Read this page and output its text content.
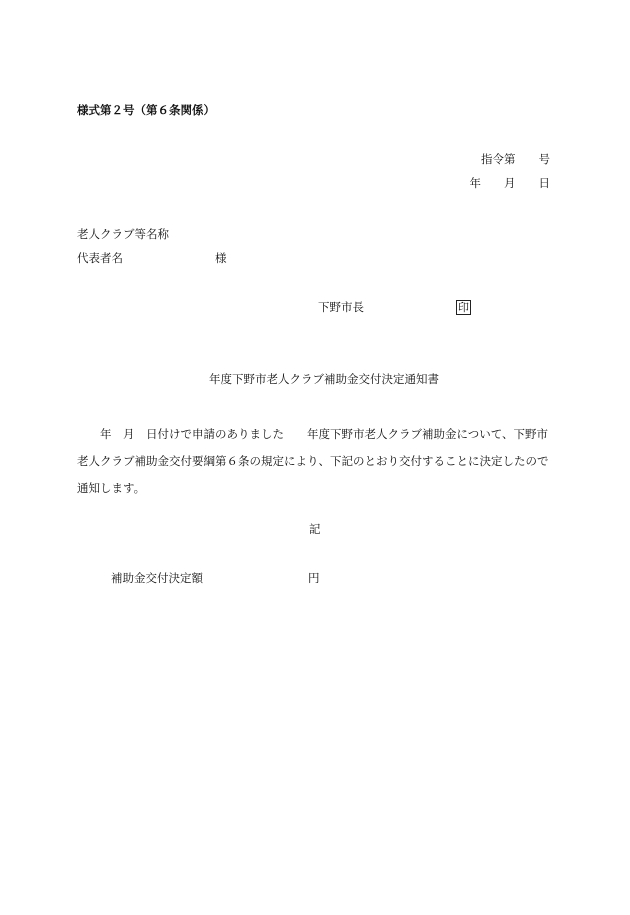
様式第２号（第６条関係）
指令第　　号
年　　月　　日
老人クラブ等名称
代表者名	様
下野市長	印
年度下野市老人クラブ補助金交付決定通知書
年　月　日付けで申請のありました　　年度下野市老人クラブ補助金について、下野市
老人クラブ補助金交付要綱第６条の規定により、下記のとおり交付することに決定したので
通知します。
記
補助金交付決定額	円
